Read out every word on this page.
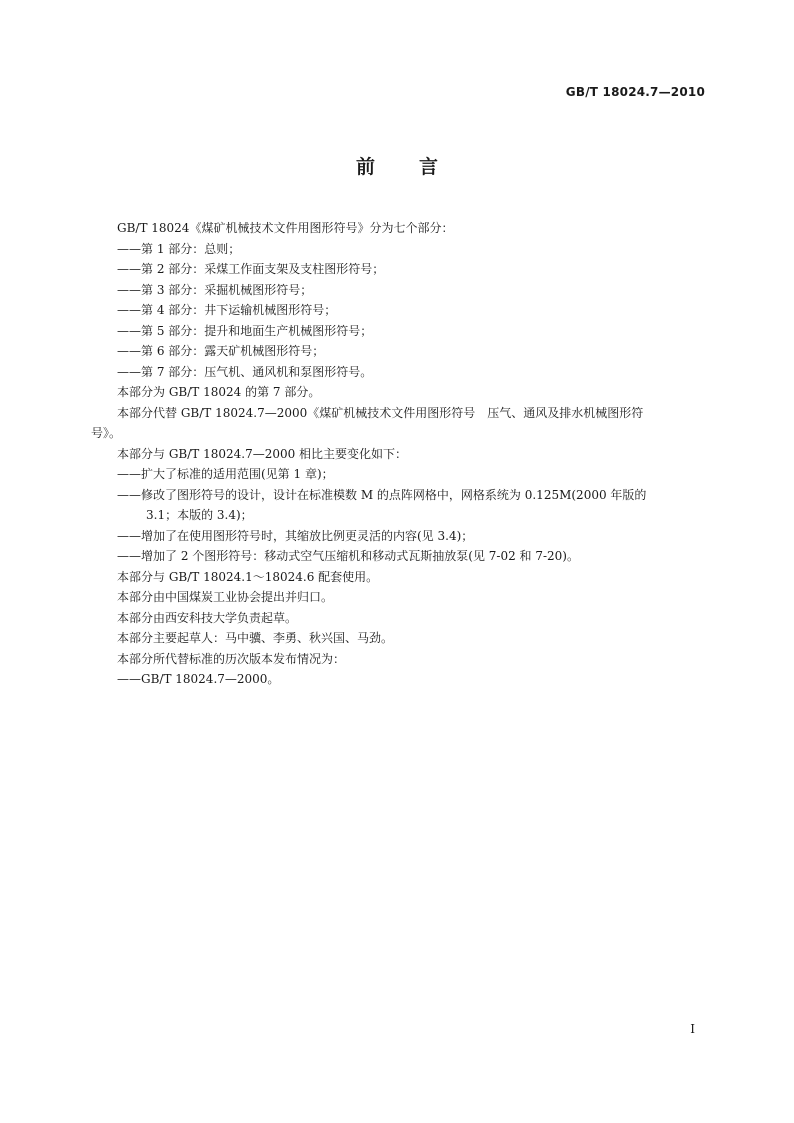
GB/T 18024.7—2010
前 言
GB/T 18024《煤矿机械技术文件用图形符号》分为七个部分：
——第 1 部分：总则；
——第 2 部分：采煤工作面支架及支柱图形符号；
——第 3 部分：采掘机械图形符号；
——第 4 部分：井下运输机械图形符号；
——第 5 部分：提升和地面生产机械图形符号；
——第 6 部分：露天矿机械图形符号；
——第 7 部分：压气机、通风机和泵图形符号。
本部分为 GB/T 18024 的第 7 部分。
本部分代替 GB/T 18024.7—2000《煤矿机械技术文件用图形符号　压气、通风及排水机械图形符
号》。
本部分与 GB/T 18024.7—2000 相比主要变化如下：
——扩大了标准的适用范围(见第 1 章)；
——修改了图形符号的设计，设计在标准模数 M 的点阵网格中，网格系统为 0.125M(2000 年版的
3.1；本版的 3.4)；
——增加了在使用图形符号时，其缩放比例更灵活的内容(见 3.4)；
——增加了 2 个图形符号：移动式空气压缩机和移动式瓦斯抽放泵(见 7-02 和 7-20)。
本部分与 GB/T 18024.1～18024.6 配套使用。
本部分由中国煤炭工业协会提出并归口。
本部分由西安科技大学负责起草。
本部分主要起草人：马中骥、李勇、秋兴国、马劲。
本部分所代替标准的历次版本发布情况为：
——GB/T 18024.7—2000。
I
